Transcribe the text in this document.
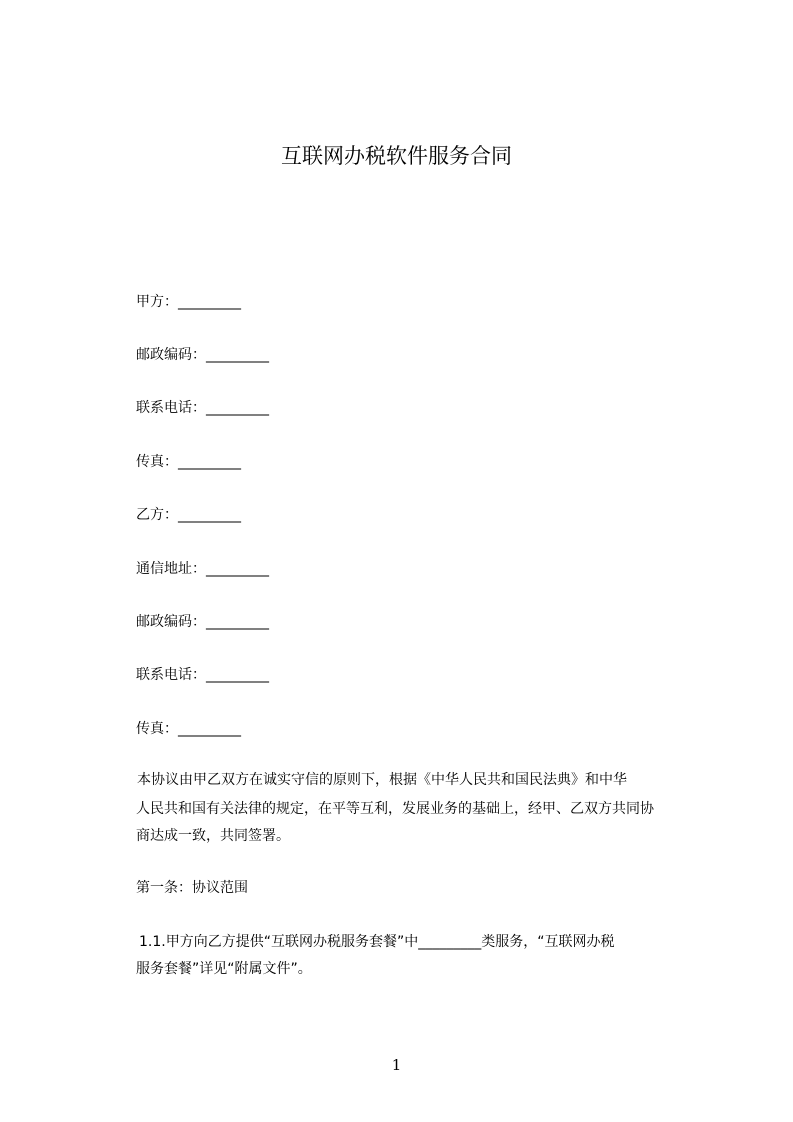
互联网办税软件服务合同
甲方：_________
邮政编码：_________
联系电话：_________
传真：_________
乙方：_________
通信地址：_________
邮政编码：_________
联系电话：_________
传真：_________
本协议由甲乙双方在诚实守信的原则下，根据《中华人民共和国民法典》和中华
人民共和国有关法律的规定，在平等互利，发展业务的基础上，经甲、乙双方共同协
商达成一致，共同签署。
第一条：协议范围
1.1.甲方向乙方提供“互联网办税服务套餐”中_________类服务，“互联网办税
服务套餐”详见“附属文件”。
1
